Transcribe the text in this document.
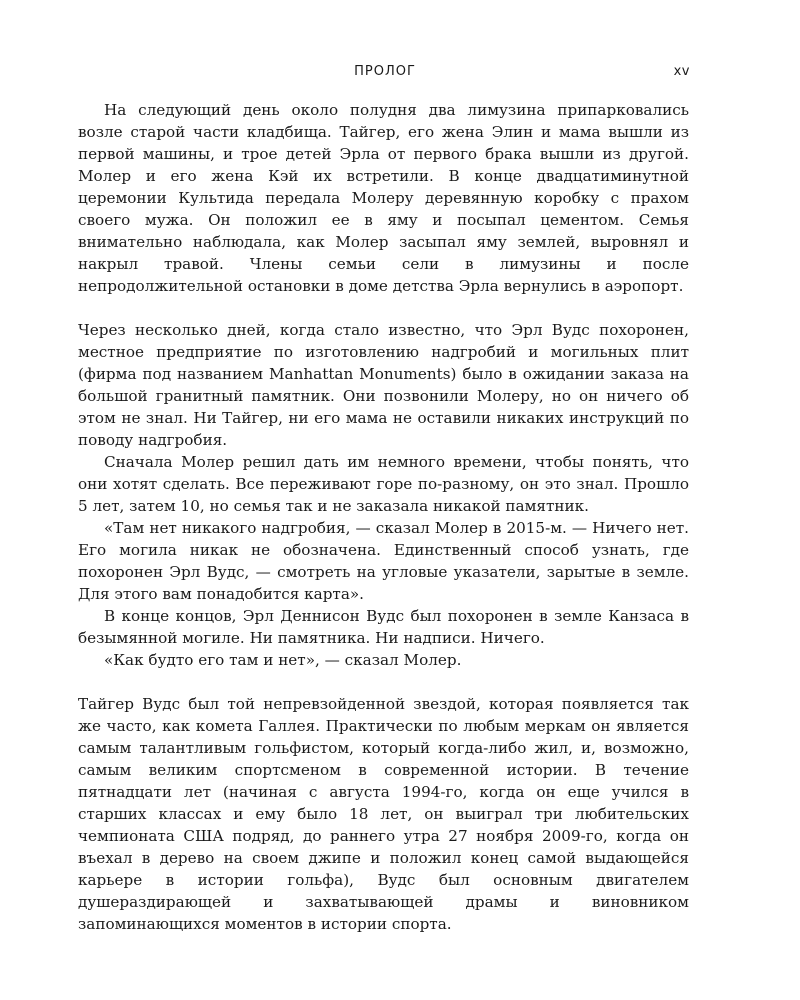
ПРОЛОГ	xv

На следующий день около полудня два лимузина припарковались возле старой части кладбища. Тайгер, его жена Элин и мама вышли из первой машины, и трое детей Эрла от первого брака вышли из другой. Молер и его жена Кэй их встретили. В конце двадцатиминутной церемонии Культида передала Молеру деревянную коробку с прахом своего мужа. Он положил ее в яму и посыпал цементом. Семья внимательно наблюдала, как Молер засыпал яму землей, выровнял и накрыл травой. Члены семьи сели в лимузины и после непродолжительной остановки в доме детства Эрла вернулись в аэропорт.

Через несколько дней, когда стало известно, что Эрл Вудс похоронен, местное предприятие по изготовлению надгробий и могильных плит (фирма под названием Manhattan Monuments) было в ожидании заказа на большой гранитный памятник. Они позвонили Молеру, но он ничего об этом не знал. Ни Тайгер, ни его мама не оставили никаких инструкций по поводу надгробия.

Сначала Молер решил дать им немного времени, чтобы понять, что они хотят сделать. Все переживают горе по-разному, он это знал. Прошло 5 лет, затем 10, но семья так и не заказала никакой памятник.

«Там нет никакого надгробия, — сказал Молер в 2015-м. — Ничего нет. Его могила никак не обозначена. Единственный способ узнать, где похоронен Эрл Вудс, — смотреть на угловые указатели, зарытые в земле. Для этого вам понадобится карта».

В конце концов, Эрл Деннисон Вудс был похоронен в земле Канзаса в безымянной могиле. Ни памятника. Ни надписи. Ничего.

«Как будто его там и нет», — сказал Молер.

Тайгер Вудс был той непревзойденной звездой, которая появляется так же часто, как комета Галлея. Практически по любым меркам он является самым талантливым гольфистом, который когда-либо жил, и, возможно, самым великим спортсменом в современной истории. В течение пятнадцати лет (начиная с августа 1994-го, когда он еще учился в старших классах и ему было 18 лет, он выиграл три любительских чемпионата США подряд, до раннего утра 27 ноября 2009-го, когда он въехал в дерево на своем джипе и положил конец самой выдающейся карьере в истории гольфа), Вудс был основным двигателем душераздирающей и захватывающей драмы и виновником запоминающихся моментов в истории спорта.
